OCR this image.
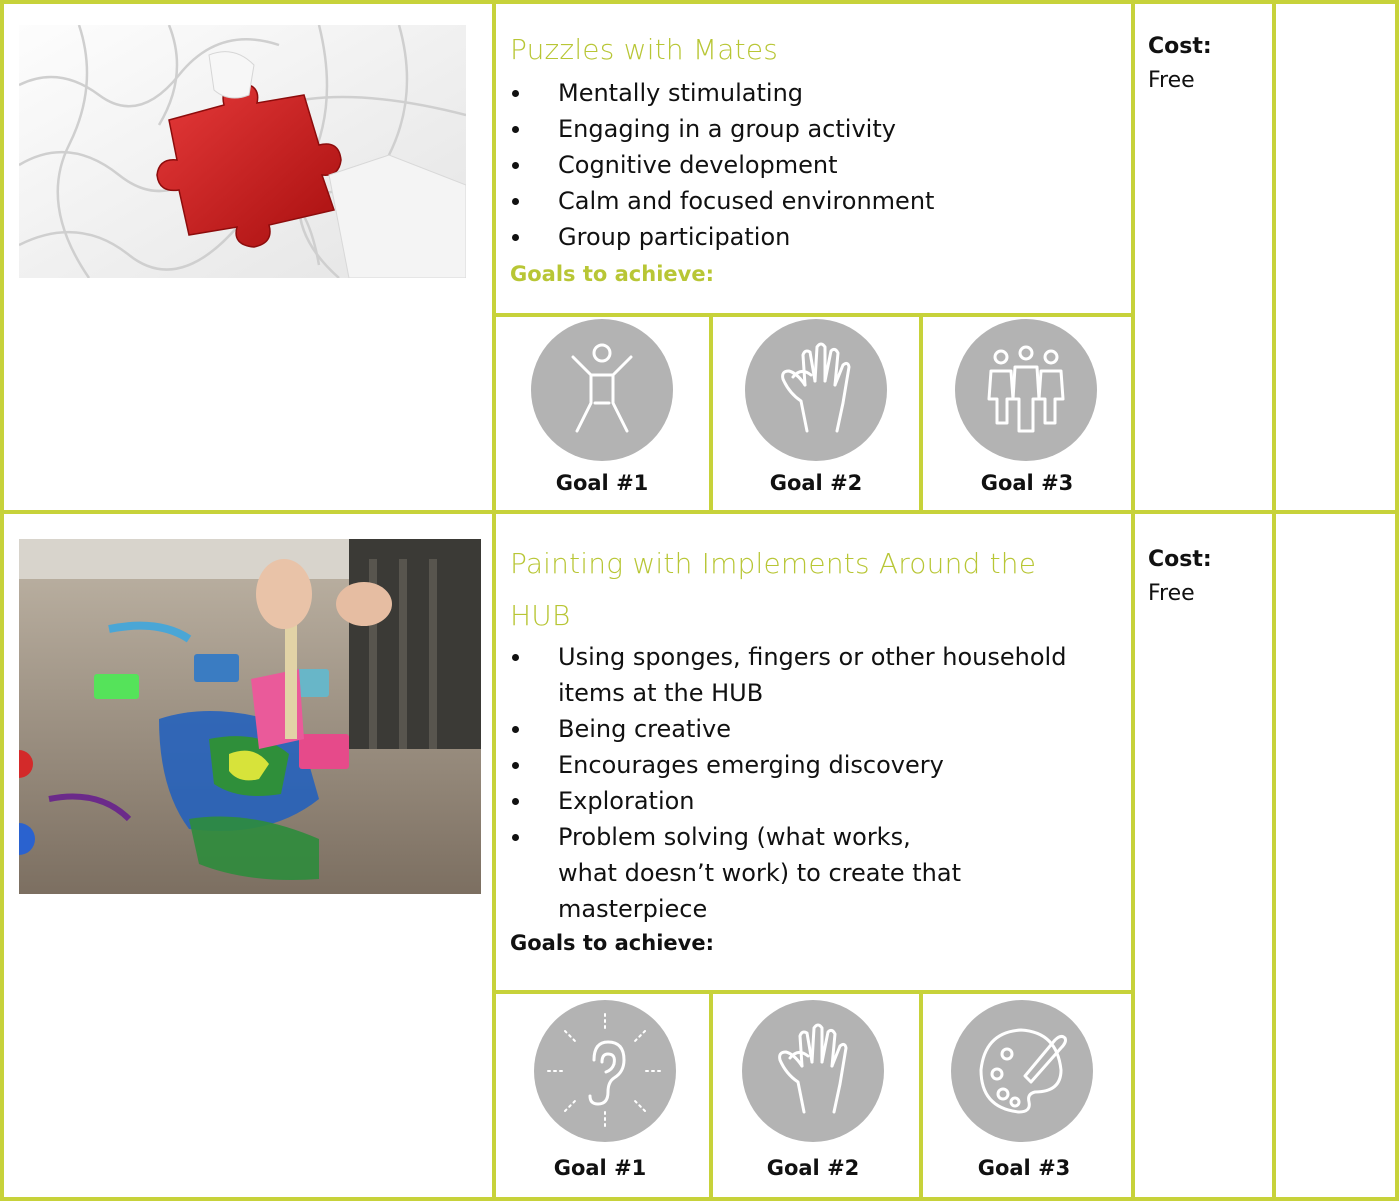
Puzzles with Mates
Mentally stimulating
Engaging in a group activity
Cognitive development
Calm and focused environment
Group participation
Goals to achieve:
Goal #1	Goal #2	Goal #3
Cost:
Free
Painting with Implements Around the
HUB
Using sponges, fingers or other household
items at the HUB
Being creative
Encourages emerging discovery
Exploration
Problem solving (what works,
what doesn’t work) to create that
masterpiece
Goals to achieve:
Goal #1	Goal #2	Goal #3
Cost:
Free
